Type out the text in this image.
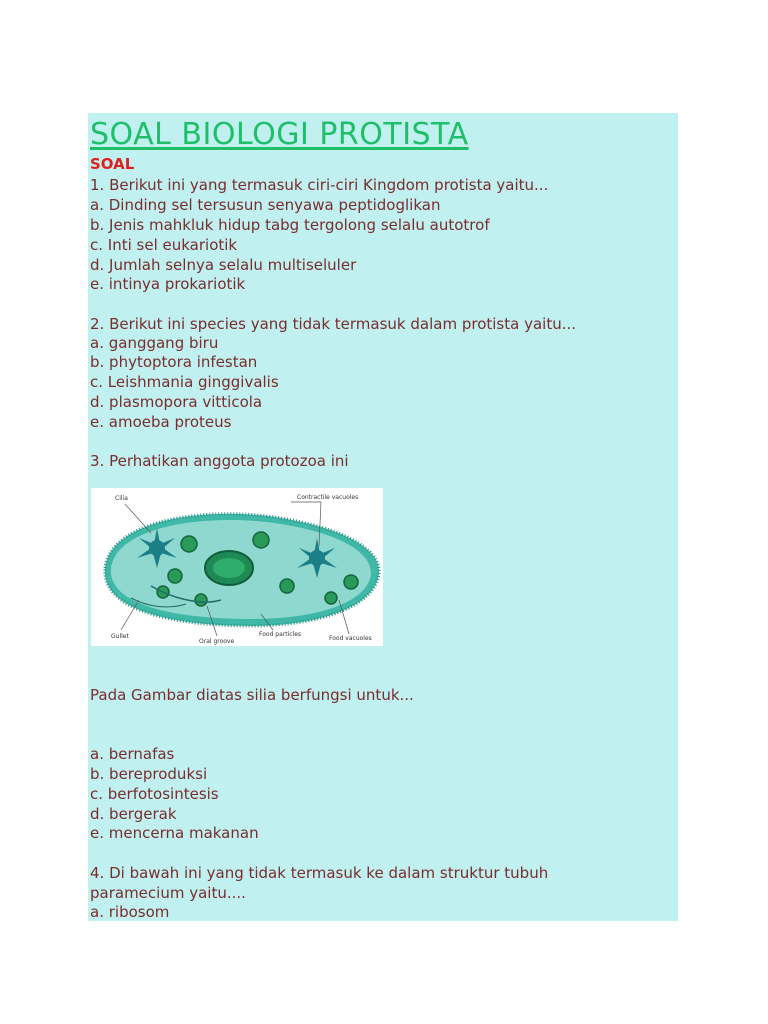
SOAL BIOLOGI PROTISTA
SOAL
1. Berikut ini yang termasuk ciri-ciri Kingdom protista yaitu...
a. Dinding sel tersusun senyawa peptidoglikan
b. Jenis mahkluk hidup tabg tergolong selalu autotrof
c. Inti sel eukariotik
d. Jumlah selnya selalu multiseluler
e. intinya prokariotik
2. Berikut ini species yang tidak termasuk dalam protista yaitu...
a. ganggang biru
b. phytoptora infestan
c. Leishmania ginggivalis
d. plasmopora vitticola
e. amoeba proteus
3. Perhatikan anggota protozoa ini
Cilia	Contractile vacuoles
Gullet
Oral groove
Food particles
Food vacuoles
Pada Gambar diatas silia berfungsi untuk...
a. bernafas
b. bereproduksi
c. berfotosintesis
d. bergerak
e. mencerna makanan
4. Di bawah ini yang tidak termasuk ke dalam struktur tubuh
paramecium yaitu....
a. ribosom
